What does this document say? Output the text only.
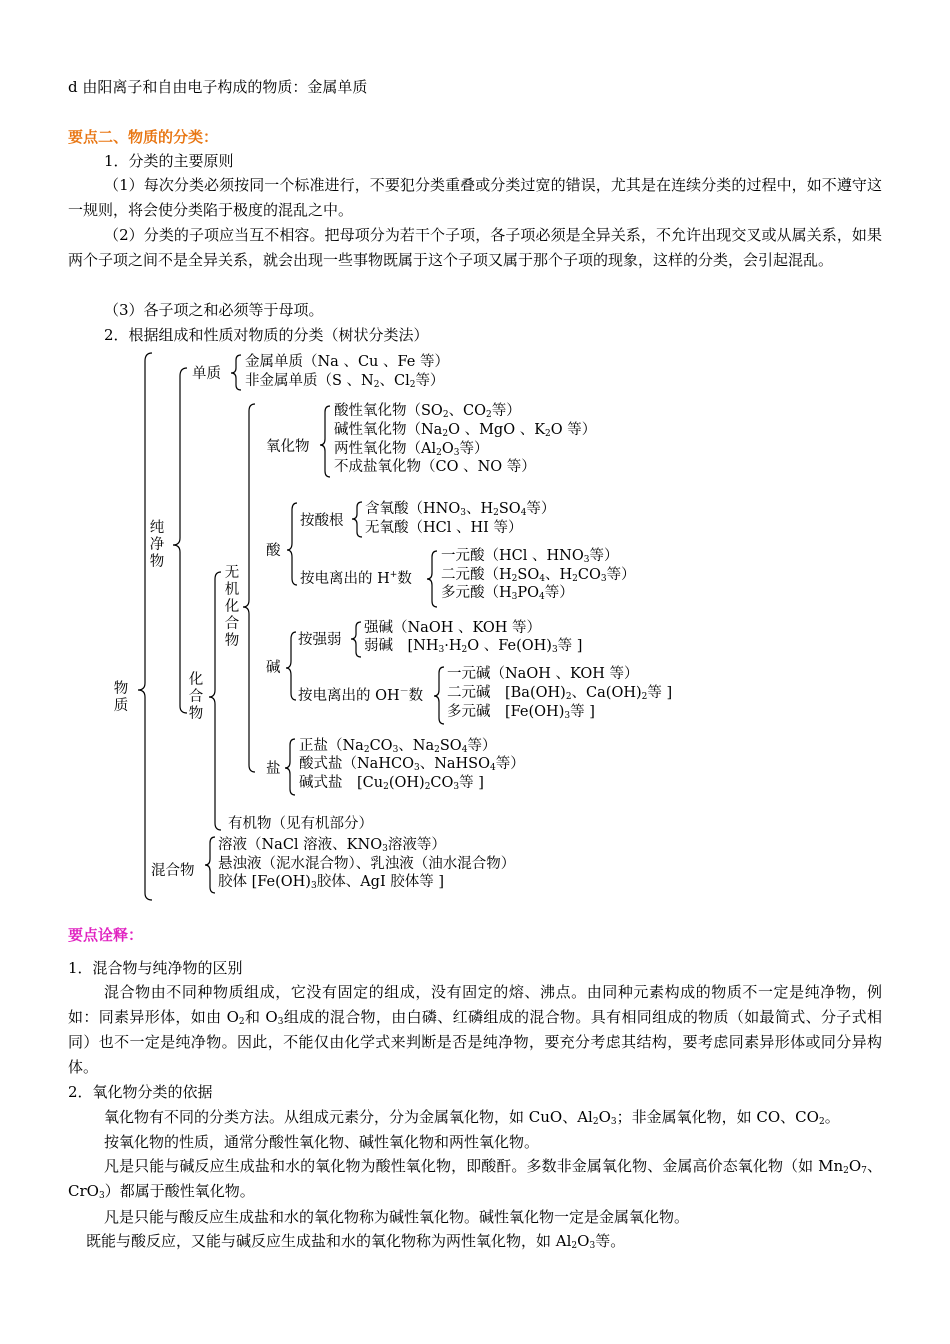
d 由阳离子和自由电子构成的物质：金属单质
要点二、物质的分类：
1．分类的主要原则
（1）每次分类必须按同一个标准进行，不要犯分类重叠或分类过宽的错误，尤其是在连续分类的过程中，如不遵守这一规则，将会使分类陷于极度的混乱之中。
（2）分类的子项应当互不相容。把母项分为若干个子项，各子项必须是全异关系，不允许出现交叉或从属关系，如果两个子项之间不是全异关系，就会出现一些事物既属于这个子项又属于那个子项的现象，这样的分类，会引起混乱。
（3）各子项之和必须等于母项。
2．根据组成和性质对物质的分类（树状分类法）
物质
纯净物
单质
金属单质（Na 、Cu 、Fe 等）
非金属单质（S 、$N_2$、$Cl_2$等）
化合物
无机化合物
氧化物
酸性氧化物（$SO_2$、$CO_2$等）
碱性氧化物（$Na_2O$ 、MgO 、$K_2O$ 等）
两性氧化物（$Al_2O_3$等）
不成盐氧化物（CO 、NO 等）
酸
按酸根
含氧酸（$HNO_3$、$H_2SO_4$等）
无氧酸（HCl 、HI 等）
按电离出的 H+数
一元酸（HCl 、$HNO_3$等）
二元酸（$H_2SO_4$、$H_2CO_3$等）
多元酸（$H_3PO_4$等）
碱
按强弱
强碱（NaOH 、KOH 等）
弱碱　[$NH_3\cdot H_2O$ 、$Fe(OH)_3$等 ]
按电离出的 OH－数
一元碱（NaOH 、KOH 等）
二元碱　[$Ba(OH)_2$、$Ca(OH)_2$等 ]
多元碱　[$Fe(OH)_3$等 ]
盐
正盐（$Na_2CO_3$、$Na_2SO_4$等）
酸式盐（NaHCO$_3$、NaHSO$_4$等）
碱式盐　[$Cu_2(OH)_2CO_3$等 ]
有机物（见有机部分）
混合物
溶液（NaCl 溶液、$KNO_3$溶液等）
悬浊液（泥水混合物）、乳浊液（油水混合物）
胶体 [$Fe(OH)_3$胶体、AgI 胶体等 ]
要点诠释：
1．混合物与纯净物的区别
混合物由不同种物质组成，它没有固定的组成，没有固定的熔、沸点。由同种元素构成的物质不一定是纯净物，例如：同素异形体，如由 $O_2$和 $O_3$组成的混合物，由白磷、红磷组成的混合物。具有相同组成的物质（如最简式、分子式相同）也不一定是纯净物。因此，不能仅由化学式来判断是否是纯净物，要充分考虑其结构，要考虑同素异形体或同分异构体。
2．氧化物分类的依据
氧化物有不同的分类方法。从组成元素分，分为金属氧化物，如 CuO、$Al_2O_3$；非金属氧化物，如 CO、$CO_2$。
按氧化物的性质，通常分酸性氧化物、碱性氧化物和两性氧化物。
凡是只能与碱反应生成盐和水的氧化物为酸性氧化物，即酸酐。多数非金属氧化物、金属高价态氧化物（如 $Mn_2O_7$、CrO$_3$）都属于酸性氧化物。
凡是只能与酸反应生成盐和水的氧化物称为碱性氧化物。碱性氧化物一定是金属氧化物。
既能与酸反应，又能与碱反应生成盐和水的氧化物称为两性氧化物，如 $Al_2O_3$等。
